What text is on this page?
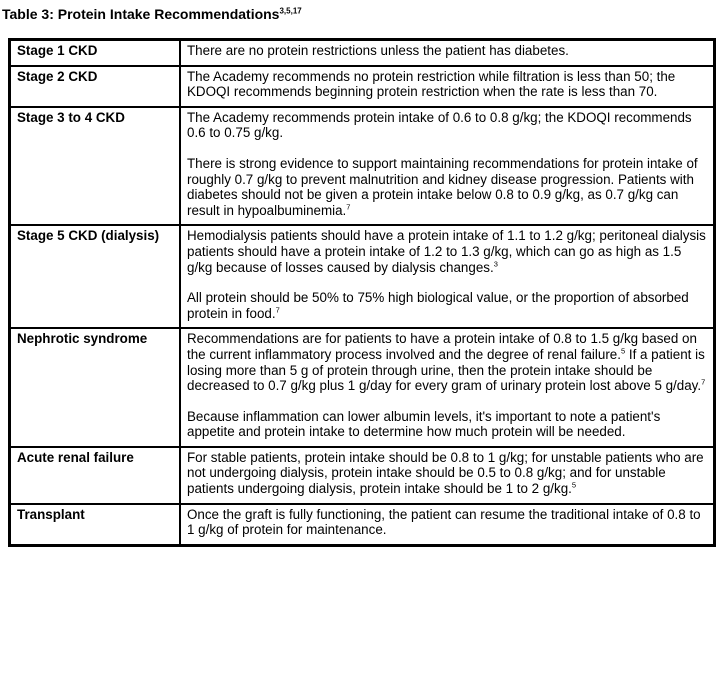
Table 3: Protein Intake Recommendations$^{3,5,17}$
Stage 1 CKD	There are no protein restrictions unless the patient has diabetes.

Stage 2 CKD	The Academy recommends no protein restriction while filtration is less than 50; the KDOQI recommends beginning protein restriction when the rate is less than 70.

Stage 3 to 4 CKD	The Academy recommends protein intake of 0.6 to 0.8 g/kg; the KDOQI recommends 0.6 to 0.75 g/kg.

There is strong evidence to support maintaining recommendations for protein intake of roughly 0.7 g/kg to prevent malnutrition and kidney disease progression. Patients with diabetes should not be given a protein intake below 0.8 to 0.9 g/kg, as 0.7 g/kg can result in hypoalbuminemia.$^7$

Stage 5 CKD (dialysis)	Hemodialysis patients should have a protein intake of 1.1 to 1.2 g/kg; peritoneal dialysis patients should have a protein intake of 1.2 to 1.3 g/kg, which can go as high as 1.5 g/kg because of losses caused by dialysis changes.$^3$

All protein should be 50% to 75% high biological value, or the proportion of absorbed protein in food.$^7$

Nephrotic syndrome	Recommendations are for patients to have a protein intake of 0.8 to 1.5 g/kg based on the current inflammatory process involved and the degree of renal failure.$^5$ If a patient is losing more than 5 g of protein through urine, then the protein intake should be decreased to 0.7 g/kg plus 1 g/day for every gram of urinary protein lost above 5 g/day.$^7$

Because inflammation can lower albumin levels, it's important to note a patient's appetite and protein intake to determine how much protein will be needed.

Acute renal failure	For stable patients, protein intake should be 0.8 to 1 g/kg; for unstable patients who are not undergoing dialysis, protein intake should be 0.5 to 0.8 g/kg; and for unstable patients undergoing dialysis, protein intake should be 1 to 2 g/kg.$^5$

Transplant	Once the graft is fully functioning, the patient can resume the traditional intake of 0.8 to 1 g/kg of protein for maintenance.
